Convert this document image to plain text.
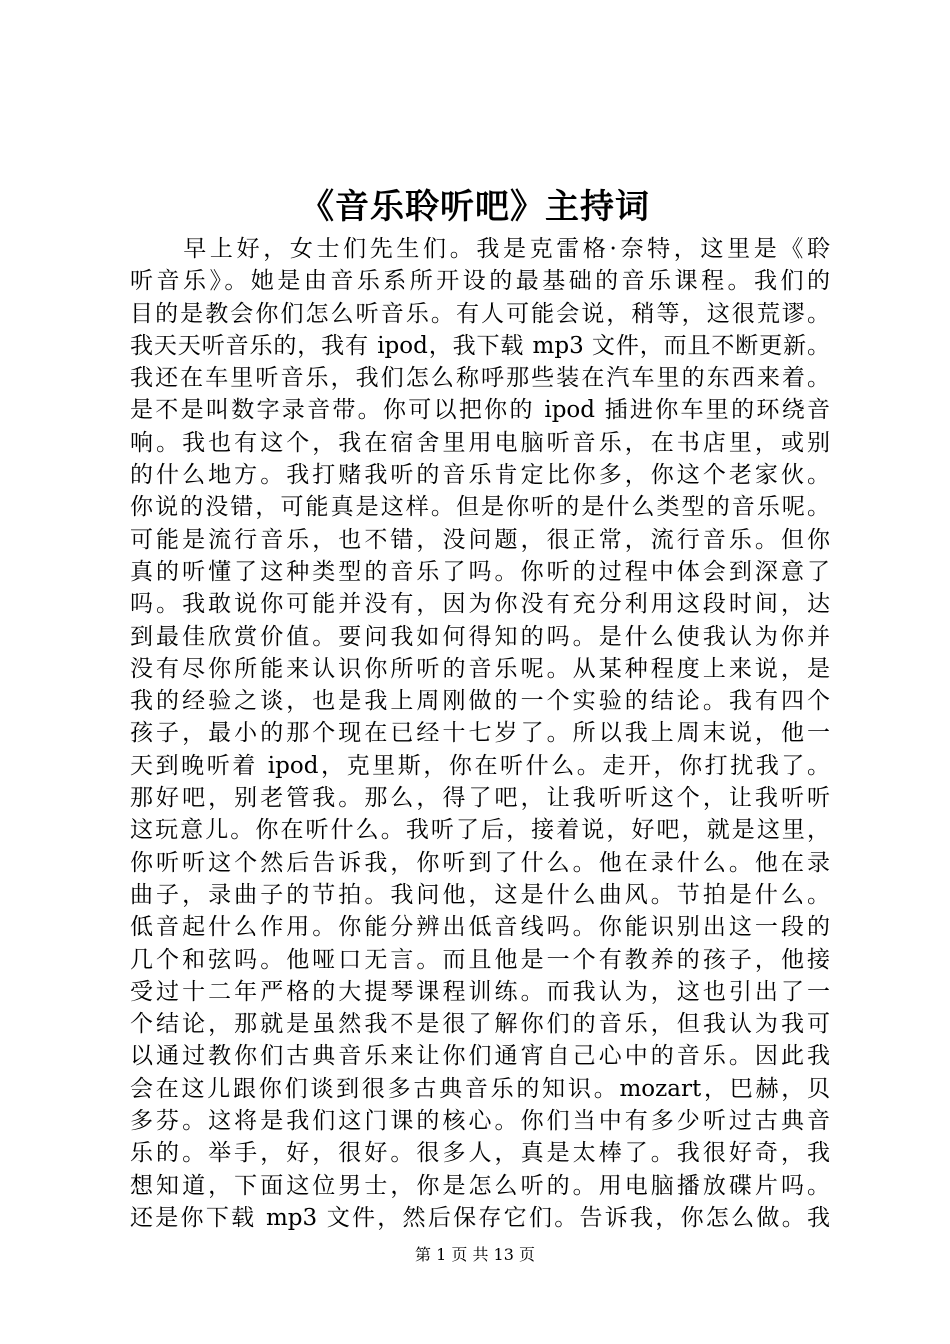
《音乐聆听吧》主持词
　　早上好，女士们先生们。我是克雷格·奈特，这里是《聆
听音乐》。她是由音乐系所开设的最基础的音乐课程。我们的
目的是教会你们怎么听音乐。有人可能会说，稍等，这很荒谬。
我天天听音乐的，我有 ipod，我下载 mp3 文件，而且不断更新。
我还在车里听音乐，我们怎么称呼那些装在汽车里的东西来着。
是不是叫数字录音带。你可以把你的 ipod 插进你车里的环绕音
响。我也有这个，我在宿舍里用电脑听音乐，在书店里，或别
的什么地方。我打赌我听的音乐肯定比你多，你这个老家伙。
你说的没错，可能真是这样。但是你听的是什么类型的音乐呢。
可能是流行音乐，也不错，没问题，很正常，流行音乐。但你
真的听懂了这种类型的音乐了吗。你听的过程中体会到深意了
吗。我敢说你可能并没有，因为你没有充分利用这段时间，达
到最佳欣赏价值。要问我如何得知的吗。是什么使我认为你并
没有尽你所能来认识你所听的音乐呢。从某种程度上来说，是
我的经验之谈，也是我上周刚做的一个实验的结论。我有四个
孩子，最小的那个现在已经十七岁了。所以我上周末说，他一
天到晚听着 ipod，克里斯，你在听什么。走开，你打扰我了。
那好吧，别老管我。那么，得了吧，让我听听这个，让我听听
这玩意儿。你在听什么。我听了后，接着说，好吧，就是这里，
你听听这个然后告诉我，你听到了什么。他在录什么。他在录
曲子，录曲子的节拍。我问他，这是什么曲风。节拍是什么。
低音起什么作用。你能分辨出低音线吗。你能识别出这一段的
几个和弦吗。他哑口无言。而且他是一个有教养的孩子，他接
受过十二年严格的大提琴课程训练。而我认为，这也引出了一
个结论，那就是虽然我不是很了解你们的音乐，但我认为我可
以通过教你们古典音乐来让你们通宵自己心中的音乐。因此我
会在这儿跟你们谈到很多古典音乐的知识。mozart，巴赫，贝
多芬。这将是我们这门课的核心。你们当中有多少听过古典音
乐的。举手，好，很好。很多人，真是太棒了。我很好奇，我
想知道，下面这位男士，你是怎么听的。用电脑播放碟片吗。
还是你下载 mp3 文件，然后保存它们。告诉我，你怎么做。我
第 1 页 共 13 页
